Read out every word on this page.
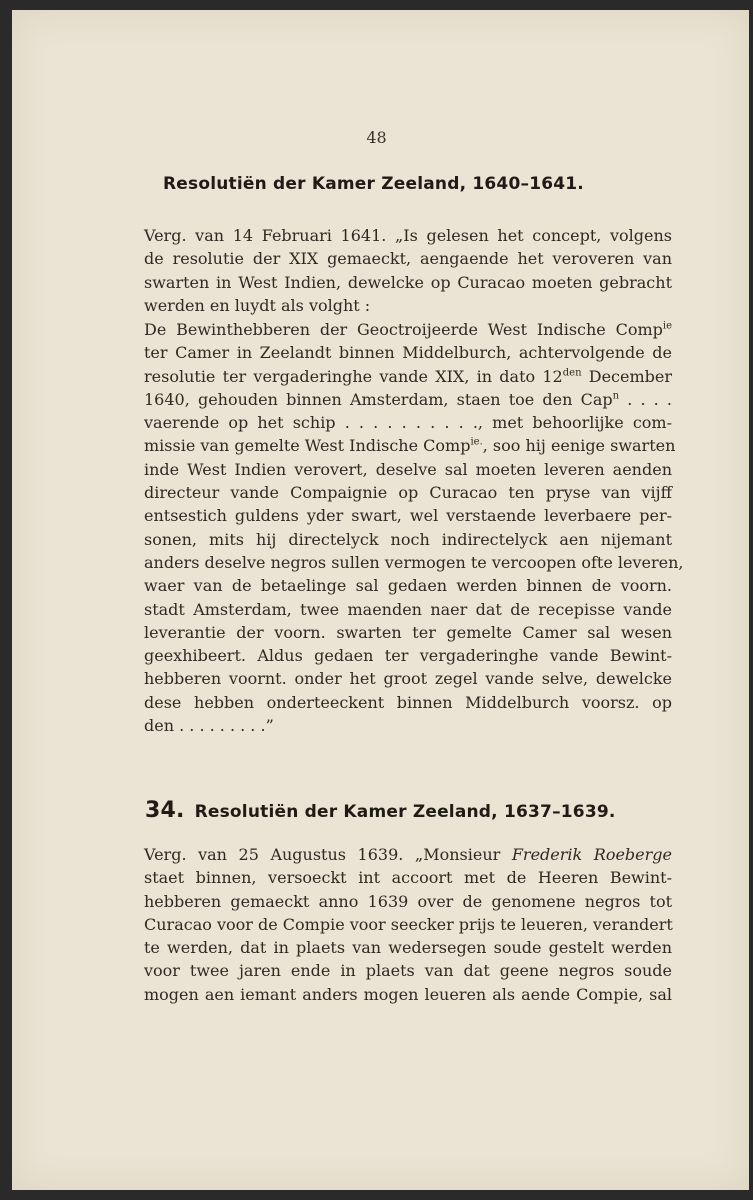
48
Resolutiën der Kamer Zeeland, 1640–1641.

Verg. van 14 Februari 1641. „Is gelesen het concept, volgens
de resolutie der XIX gemaeckt, aengaende het veroveren van
swarten in West Indien, dewelcke op Curacao moeten gebracht
werden en luydt als volght :

De Bewinthebberen der Geoctroijeerde West Indische Comp$^{ie}$
ter Camer in Zeelandt binnen Middelburch, achtervolgende de
resolutie ter vergaderinghe vande XIX, in dato $12^{den}$ December
1640, gehouden binnen Amsterdam, staen toe den Cap$^n$ . . . .
vaerende op het schip . . . . . . . . . ., met behoorlijke com-
missie van gemelte West Indische Comp$^{ie.}$, soo hij eenige swarten
inde West Indien verovert, deselve sal moeten leveren aenden
directeur vande Compaignie op Curacao ten pryse van vijff
entsestich guldens yder swart, wel verstaende leverbaere per-
sonen, mits hij directelyck noch indirectelyck aen nijemant
anders deselve negros sullen vermogen te vercoopen ofte leveren,
waer van de betaelinge sal gedaen werden binnen de voorn.
stadt Amsterdam, twee maenden naer dat de recepisse vande
leverantie der voorn. swarten ter gemelte Camer sal wesen
geexhibeert. Aldus gedaen ter vergaderinghe vande Bewint-
hebberen voornt. onder het groot zegel vande selve, dewelcke
dese hebben onderteeckent binnen Middelburch voorsz. op
den . . . . . . . . .”

34. Resolutiën der Kamer Zeeland, 1637–1639.

Verg. van 25 Augustus 1639. „Monsieur Frederik Roeberge
staet binnen, versoeckt int accoort met de Heeren Bewint-
hebberen gemaeckt anno 1639 over de genomene negros tot
Curacao voor de Compie voor seecker prijs te leueren, verandert
te werden, dat in plaets van wedersegen soude gestelt werden
voor twee jaren ende in plaets van dat geene negros soude
mogen aen iemant anders mogen leueren als aende Compie, sal
